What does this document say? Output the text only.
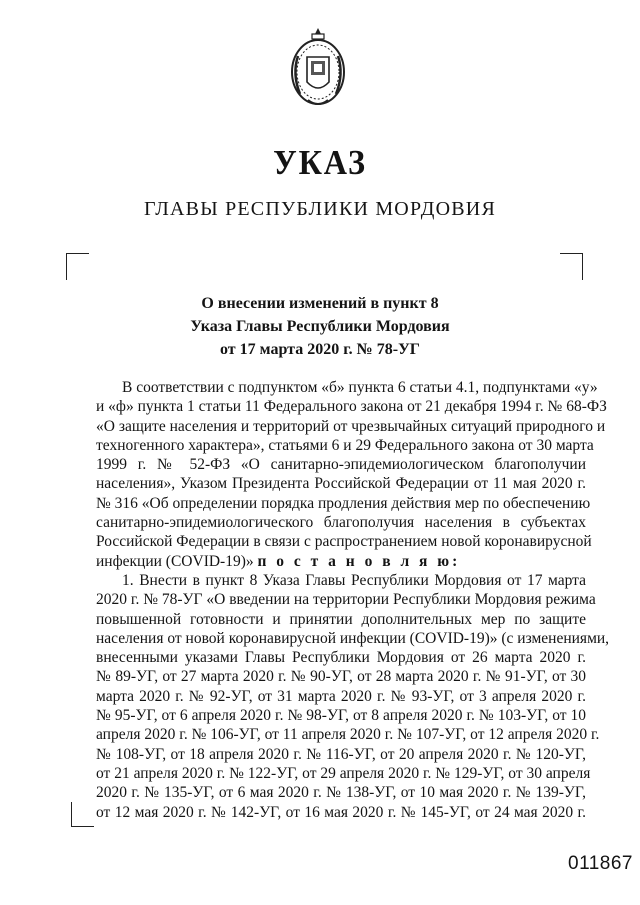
УКАЗ
ГЛАВЫ РЕСПУБЛИКИ МОРДОВИЯ
О внесении изменений в пункт 8
Указа Главы Республики Мордовия
от 17 марта 2020 г. № 78-УГ
В соответствии с подпунктом «б» пункта 6 статьи 4.1, подпунктами «у»
и «ф» пункта 1 статьи 11 Федерального закона от 21 декабря 1994 г. № 68-ФЗ
«О защите населения и территорий от чрезвычайных ситуаций природного и
техногенного характера», статьями 6 и 29 Федерального закона от 30 марта
1999 г. № 52-ФЗ «О санитарно-эпидемиологическом благополучии
населения», Указом Президента Российской Федерации от 11 мая 2020 г.
№ 316 «Об определении порядка продления действия мер по обеспечению
санитарно-эпидемиологического благополучия населения в субъектах
Российской Федерации в связи с распространением новой коронавирусной
инфекции (COVID-19)» п о с т а н о в л я ю:
1. Внести в пункт 8 Указа Главы Республики Мордовия от 17 марта
2020 г. № 78-УГ «О введении на территории Республики Мордовия режима
повышенной готовности и принятии дополнительных мер по защите
населения от новой коронавирусной инфекции (COVID-19)» (с изменениями,
внесенными указами Главы Республики Мордовия от 26 марта 2020 г.
№ 89-УГ, от 27 марта 2020 г. № 90-УГ, от 28 марта 2020 г. № 91-УГ, от 30
марта 2020 г. № 92-УГ, от 31 марта 2020 г. № 93-УГ, от 3 апреля 2020 г.
№ 95-УГ, от 6 апреля 2020 г. № 98-УГ, от 8 апреля 2020 г. № 103-УГ, от 10
апреля 2020 г. № 106-УГ, от 11 апреля 2020 г. № 107-УГ, от 12 апреля 2020 г.
№ 108-УГ, от 18 апреля 2020 г. № 116-УГ, от 20 апреля 2020 г. № 120-УГ,
от 21 апреля 2020 г. № 122-УГ, от 29 апреля 2020 г. № 129-УГ, от 30 апреля
2020 г. № 135-УГ, от 6 мая 2020 г. № 138-УГ, от 10 мая 2020 г. № 139-УГ,
от 12 мая 2020 г. № 142-УГ, от 16 мая 2020 г. № 145-УГ, от 24 мая 2020 г.
011867
